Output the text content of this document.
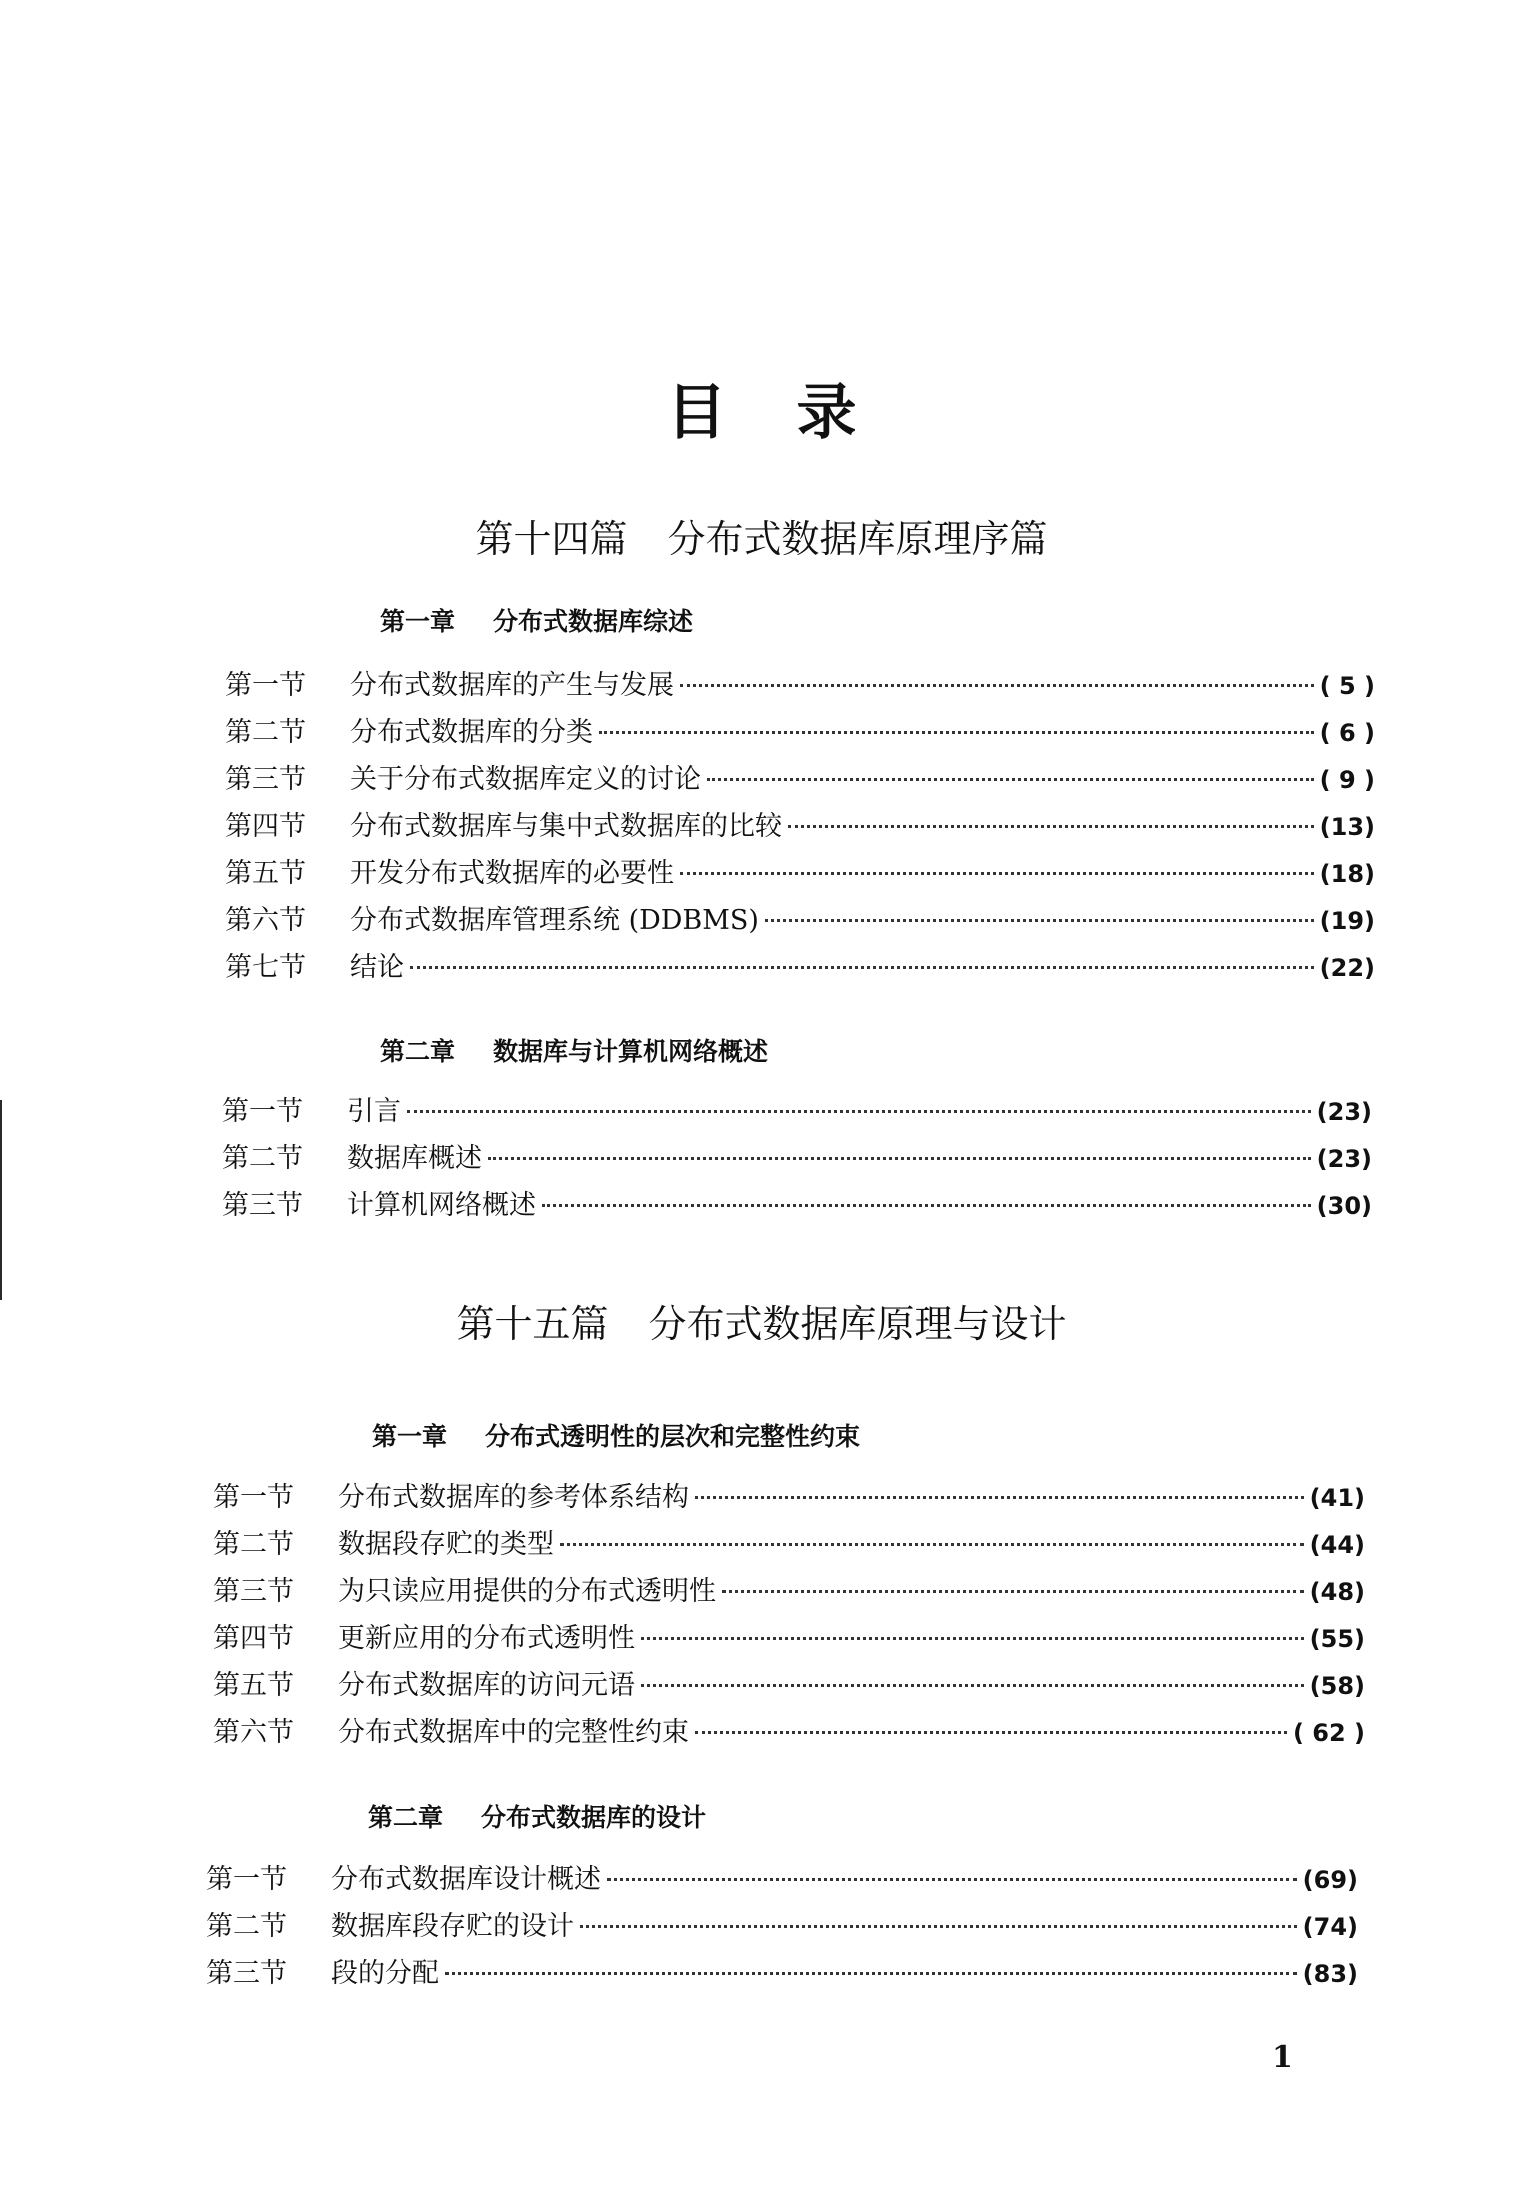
目录
第十四篇 分布式数据库原理序篇
第一章 分布式数据库综述
第一节	分布式数据库的产生与发展	( 5 )
第二节	分布式数据库的分类	( 6 )
第三节	关于分布式数据库定义的讨论	( 9 )
第四节	分布式数据库与集中式数据库的比较	(13)
第五节	开发分布式数据库的必要性	(18)
第六节	分布式数据库管理系统 (DDBMS)	(19)
第七节	结论	(22)
第二章 数据库与计算机网络概述
第一节	引言	(23)
第二节	数据库概述	(23)
第三节	计算机网络概述	(30)
第十五篇 分布式数据库原理与设计
第一章 分布式透明性的层次和完整性约束
第一节	分布式数据库的参考体系结构	(41)
第二节	数据段存贮的类型	(44)
第三节	为只读应用提供的分布式透明性	(48)
第四节	更新应用的分布式透明性	(55)
第五节	分布式数据库的访问元语	(58)
第六节	分布式数据库中的完整性约束	( 62 )
第二章 分布式数据库的设计
第一节	分布式数据库设计概述	(69)
第二节	数据库段存贮的设计	(74)
第三节	段的分配	(83)
1
